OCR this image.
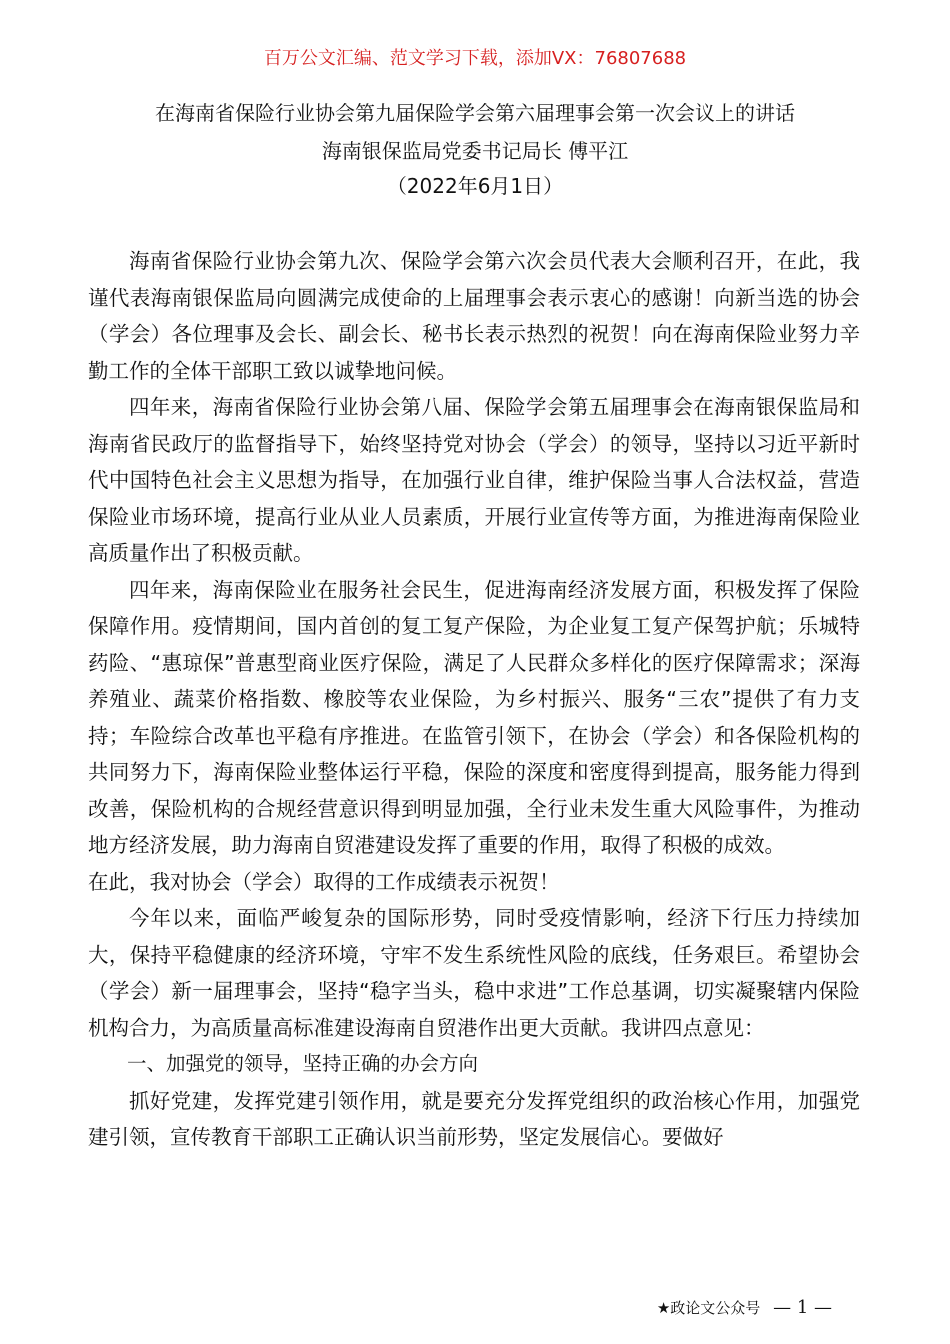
百万公文汇编、范文学习下载，添加VX：76807688
在海南省保险行业协会第九届保险学会第六届理事会第一次会议上的讲话
海南银保监局党委书记局长 傅平江
（2022年6月1日）

海南省保险行业协会第九次、保险学会第六次会员代表大会顺利召开，在此，我谨代表海南银保监局向圆满完成使命的上届理事会表示衷心的感谢！向新当选的协会（学会）各位理事及会长、副会长、秘书长表示热烈的祝贺！向在海南保险业努力辛勤工作的全体干部职工致以诚挚地问候。

四年来，海南省保险行业协会第八届、保险学会第五届理事会在海南银保监局和海南省民政厅的监督指导下，始终坚持党对协会（学会）的领导，坚持以习近平新时代中国特色社会主义思想为指导，在加强行业自律，维护保险当事人合法权益，营造保险业市场环境，提高行业从业人员素质，开展行业宣传等方面，为推进海南保险业高质量作出了积极贡献。

四年来，海南保险业在服务社会民生，促进海南经济发展方面，积极发挥了保险保障作用。疫情期间，国内首创的复工复产保险，为企业复工复产保驾护航；乐城特药险、“惠琼保”普惠型商业医疗保险，满足了人民群众多样化的医疗保障需求；深海养殖业、蔬菜价格指数、橡胶等农业保险，为乡村振兴、服务“三农”提供了有力支持；车险综合改革也平稳有序推进。在监管引领下，在协会（学会）和各保险机构的共同努力下，海南保险业整体运行平稳，保险的深度和密度得到提高，服务能力得到改善，保险机构的合规经营意识得到明显加强，全行业未发生重大风险事件，为推动地方经济发展，助力海南自贸港建设发挥了重要的作用，取得了积极的成效。

在此，我对协会（学会）取得的工作成绩表示祝贺！

今年以来，面临严峻复杂的国际形势，同时受疫情影响，经济下行压力持续加大，保持平稳健康的经济环境，守牢不发生系统性风险的底线，任务艰巨。希望协会（学会）新一届理事会，坚持“稳字当头，稳中求进”工作总基调，切实凝聚辖内保险机构合力，为高质量高标准建设海南自贸港作出更大贡献。我讲四点意见：

一、加强党的领导，坚持正确的办会方向

抓好党建，发挥党建引领作用，就是要充分发挥党组织的政治核心作用，加强党建引领，宣传教育干部职工正确认识当前形势，坚定发展信心。要做好

★政论文公众号 — 1 —
